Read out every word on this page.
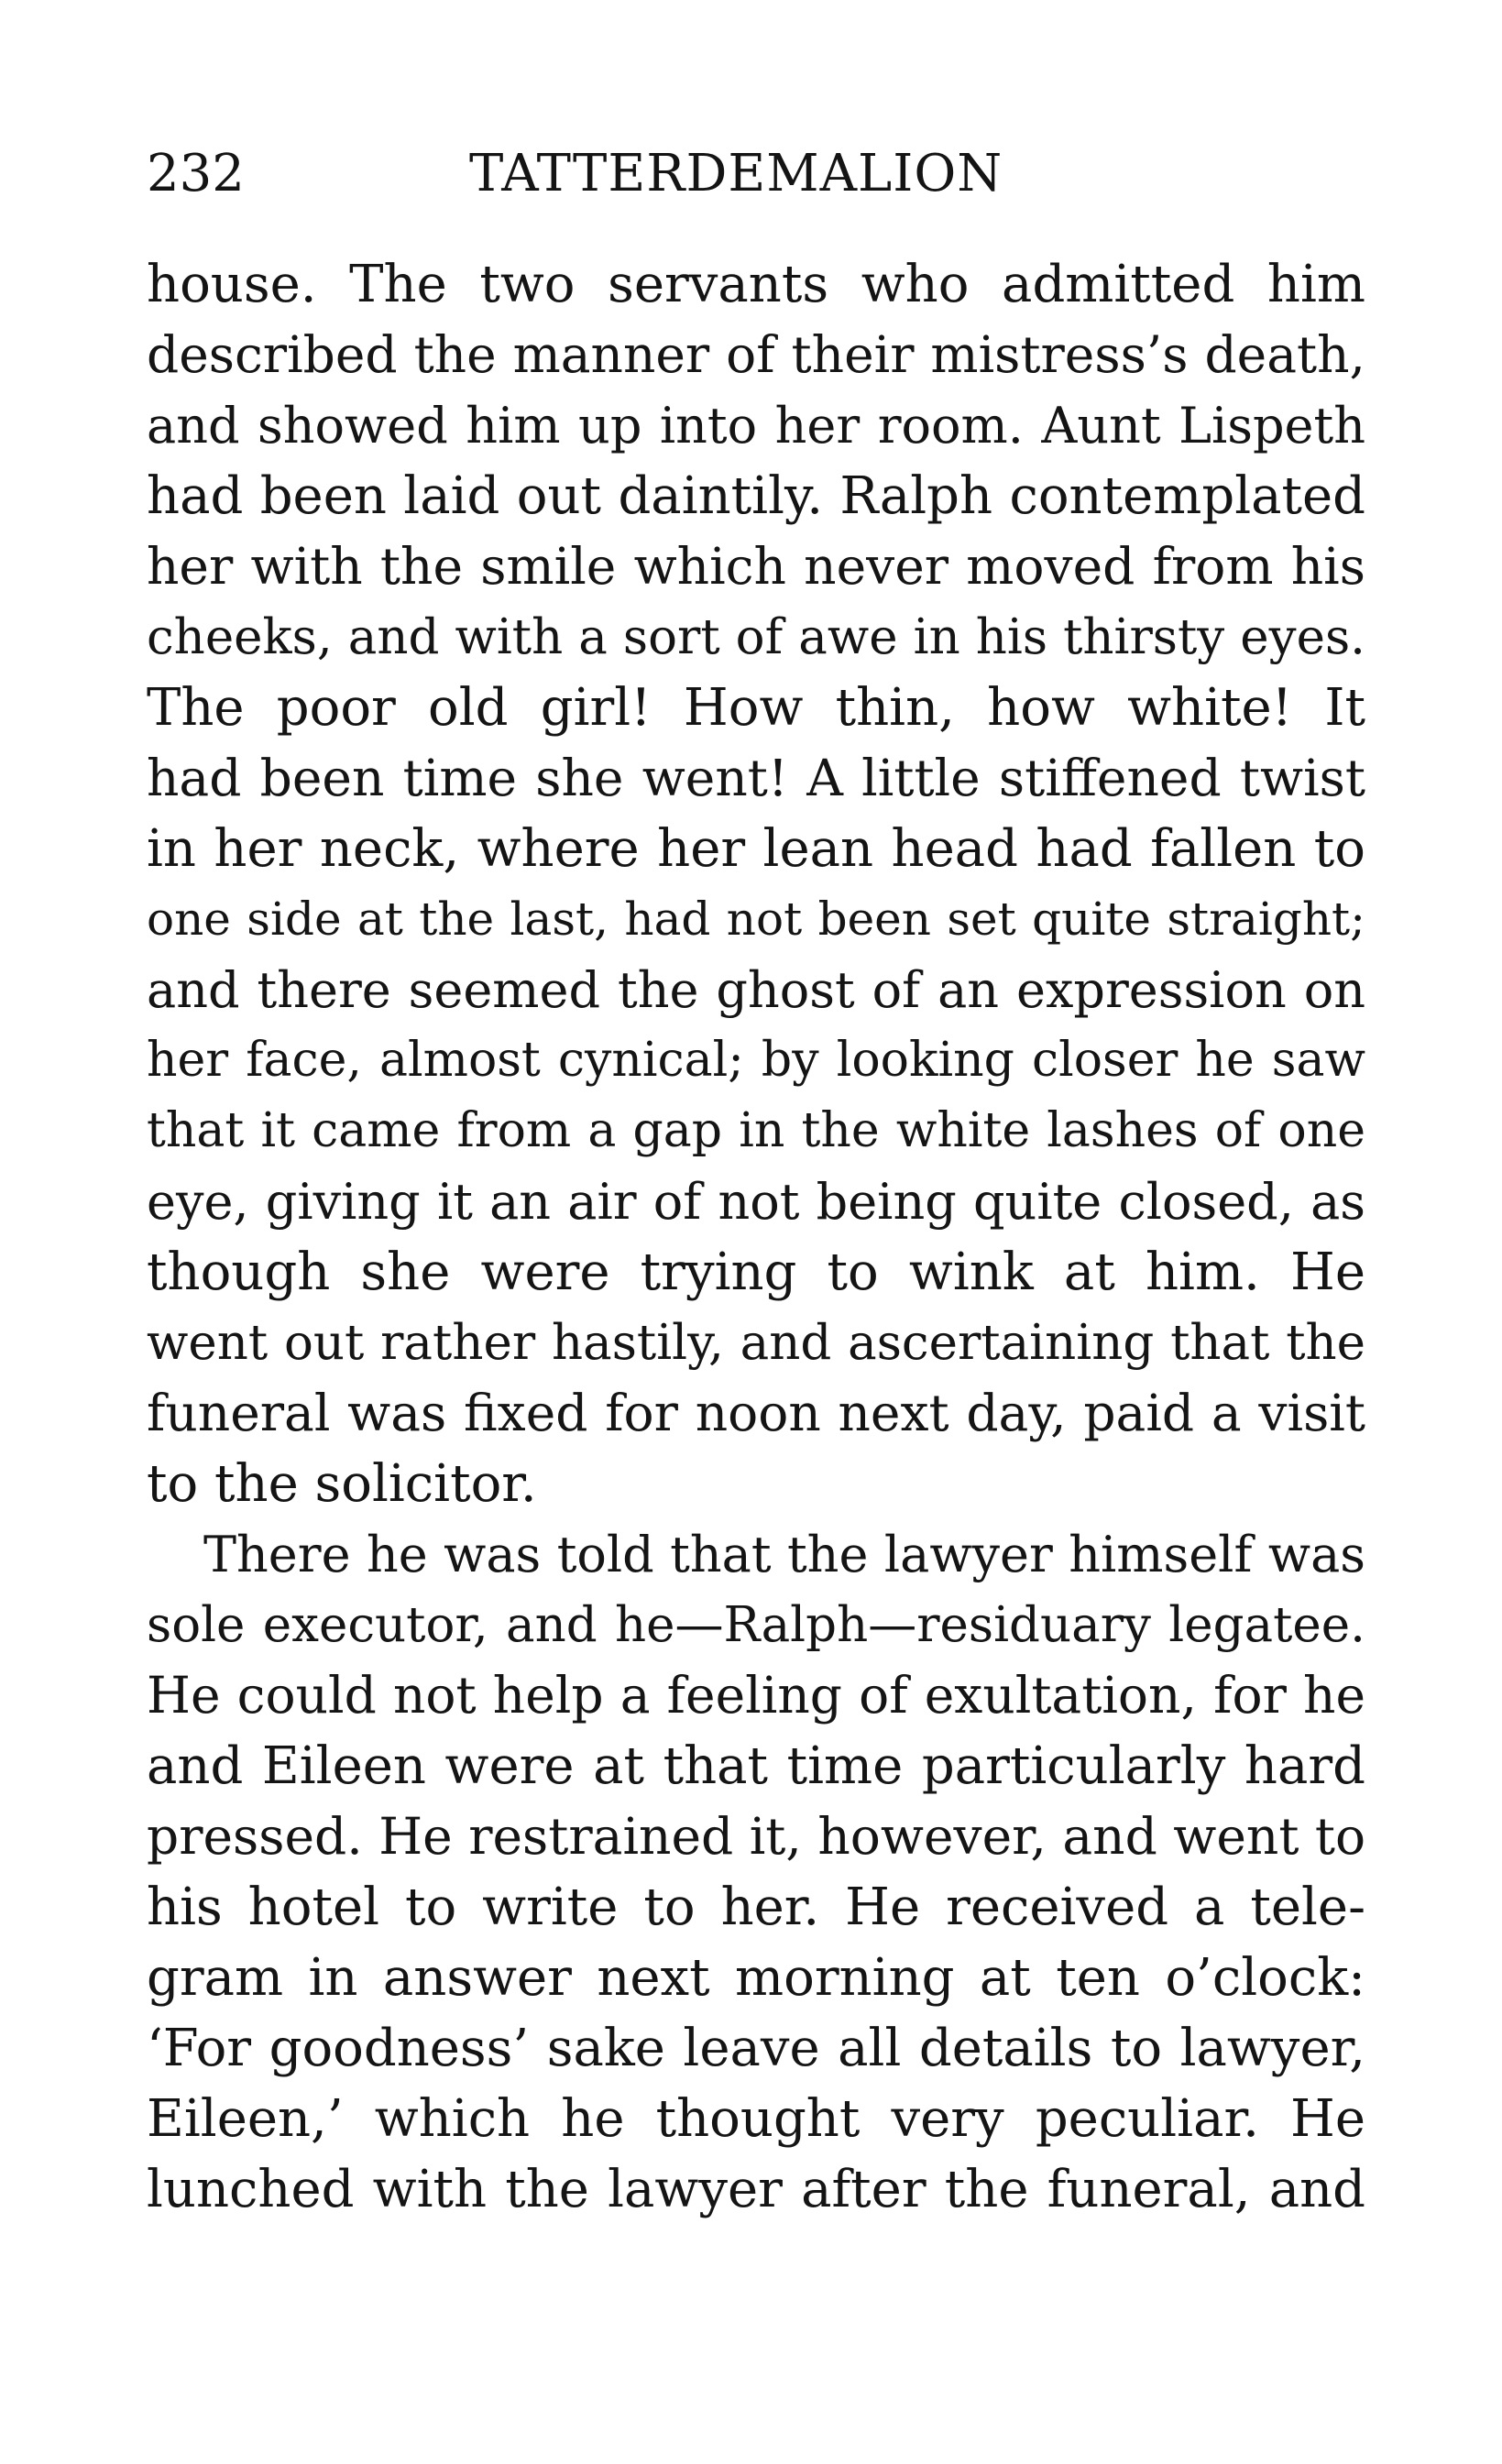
232	TATTERDEMALION
house. The two servants who admitted him
described the manner of their mistress’s death,
and showed him up into her room. Aunt Lispeth
had been laid out daintily. Ralph contemplated
her with the smile which never moved from his
cheeks, and with a sort of awe in his thirsty eyes.
The poor old girl! How thin, how white! It
had been time she went! A little stiffened twist
in her neck, where her lean head had fallen to
one side at the last, had not been set quite straight;
and there seemed the ghost of an expression on
her face, almost cynical; by looking closer he saw
that it came from a gap in the white lashes of one
eye, giving it an air of not being quite closed, as
though she were trying to wink at him. He
went out rather hastily, and ascertaining that the
funeral was fixed for noon next day, paid a visit
to the solicitor.
There he was told that the lawyer himself was
sole executor, and he—Ralph—residuary legatee.
He could not help a feeling of exultation, for he
and Eileen were at that time particularly hard
pressed. He restrained it, however, and went to
his hotel to write to her. He received a tele-
gram in answer next morning at ten o’clock:
‘For goodness’ sake leave all details to lawyer,
Eileen,’ which he thought very peculiar. He
lunched with the lawyer after the funeral, and
